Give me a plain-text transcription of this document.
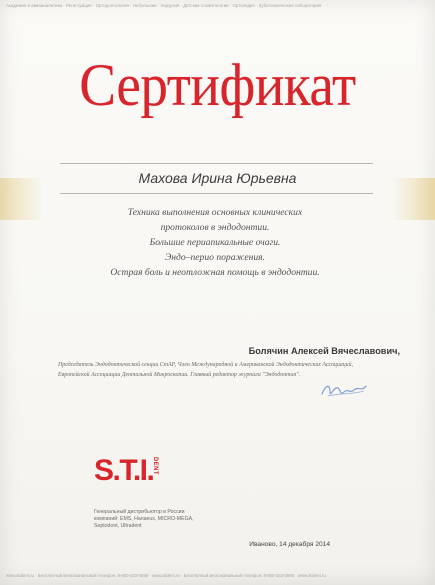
Академия и авиааналитика · Регистрация · Ортодонтология · Небольшие · Хирургия · Детская стоматология · Ортопедия · Зуботехническая лаборатория
Сертификат
Махова Ирина Юрьевна
Техника выполнения основных клинических
протоколов в эндодонтии.
Большие периапикальные очаги.
Эндо–перио поражения.
Острая боль и неотложная помощь в эндодонтии.
Болячин Алексей Вячеславович,
Председатель Эндодонтической секции СтАР, Член Международной и Американской Эндодонтических Ассоциаций, Европейской Ассоциации Дентальной Микроскопии. Главный редактор журнала "Эндодонтия".
S.T.I.
DENT
Генеральный дистрибьютор в России
компаний: EMS, Hanaeus, MICRO-MEGA,
Septodont, Ultradent
Иваново, 14 декабря 2014
www.stident.ru · Бесплатный многоканальный телефон: 8-800-333-0598 · www.stident.ru · Бесплатный многоканальный телефон: 8-800-333-0598 · www.stident.ru
